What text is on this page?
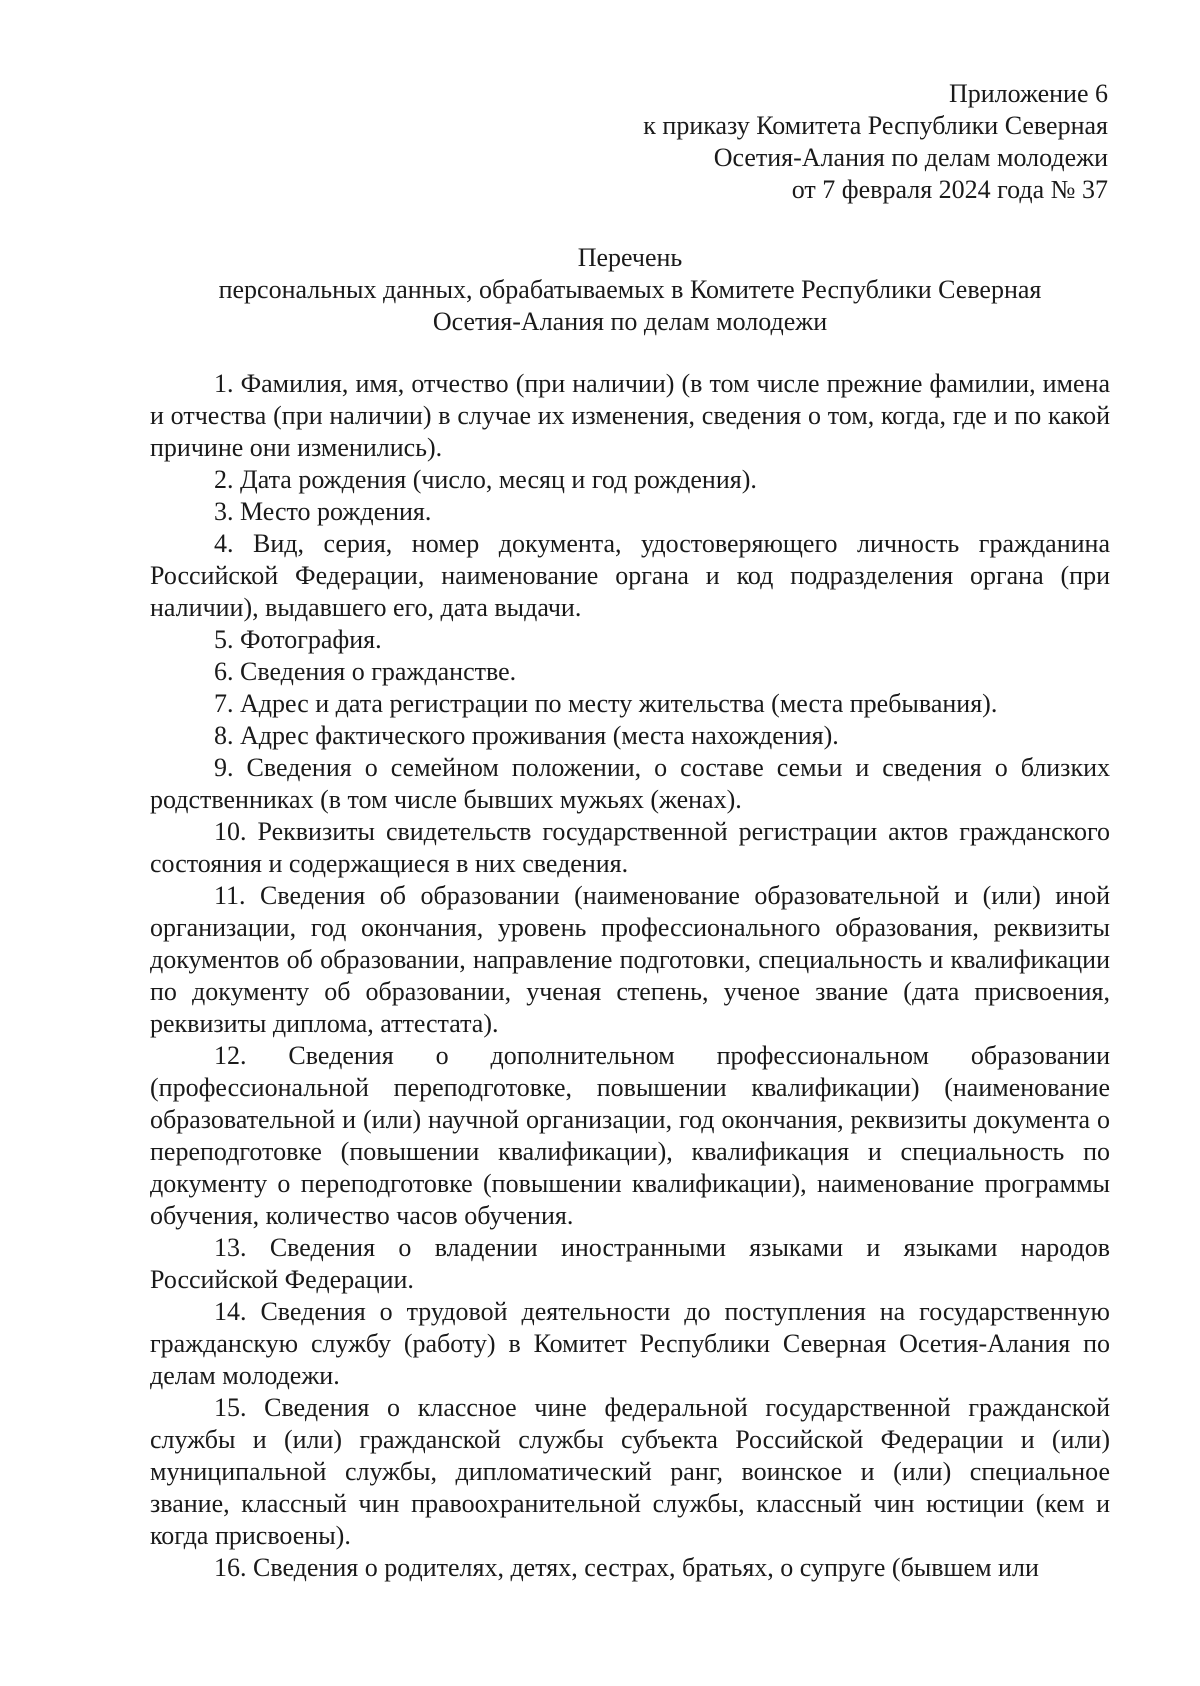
Приложение 6
к приказу Комитета Республики Северная
Осетия-Алания по делам молодежи
от 7 февраля 2024 года № 37
Перечень
персональных данных, обрабатываемых в Комитете Республики Северная
Осетия-Алания по делам молодежи

1. Фамилия, имя, отчество (при наличии) (в том числе прежние фамилии, имена и отчества (при наличии) в случае их изменения, сведения о том, когда, где и по какой причине они изменились).

2. Дата рождения (число, месяц и год рождения).

3. Место рождения.

4. Вид, серия, номер документа, удостоверяющего личность гражданина Российской Федерации, наименование органа и код подразделения органа (при наличии), выдавшего его, дата выдачи.

5. Фотография.

6. Сведения о гражданстве.

7. Адрес и дата регистрации по месту жительства (места пребывания).

8. Адрес фактического проживания (места нахождения).

9. Сведения о семейном положении, о составе семьи и сведения о близких родственниках (в том числе бывших мужьях (женах).

10. Реквизиты свидетельств государственной регистрации актов гражданского состояния и содержащиеся в них сведения.

11. Сведения об образовании (наименование образовательной и (или) иной организации, год окончания, уровень профессионального образования, реквизиты документов об образовании, направление подготовки, специальность и квалификации по документу об образовании, ученая степень, ученое звание (дата присвоения, реквизиты диплома, аттестата).

12. Сведения о дополнительном профессиональном образовании (профессиональной переподготовке, повышении квалификации) (наименование образовательной и (или) научной организации, год окончания, реквизиты документа о переподготовке (повышении квалификации), квалификация и специальность по документу о переподготовке (повышении квалификации), наименование программы обучения, количество часов обучения.

13. Сведения о владении иностранными языками и языками народов Российской Федерации.

14. Сведения о трудовой деятельности до поступления на государственную гражданскую службу (работу) в Комитет Республики Северная Осетия-Алания по делам молодежи.

15. Сведения о классное чине федеральной государственной гражданской службы и (или) гражданской службы субъекта Российской Федерации и (или) муниципальной службы, дипломатический ранг, воинское и (или) специальное звание, классный чин правоохранительной службы, классный чин юстиции (кем и когда присвоены).

16. Сведения о родителях, детях, сестрах, братьях, о супруге (бывшем или
